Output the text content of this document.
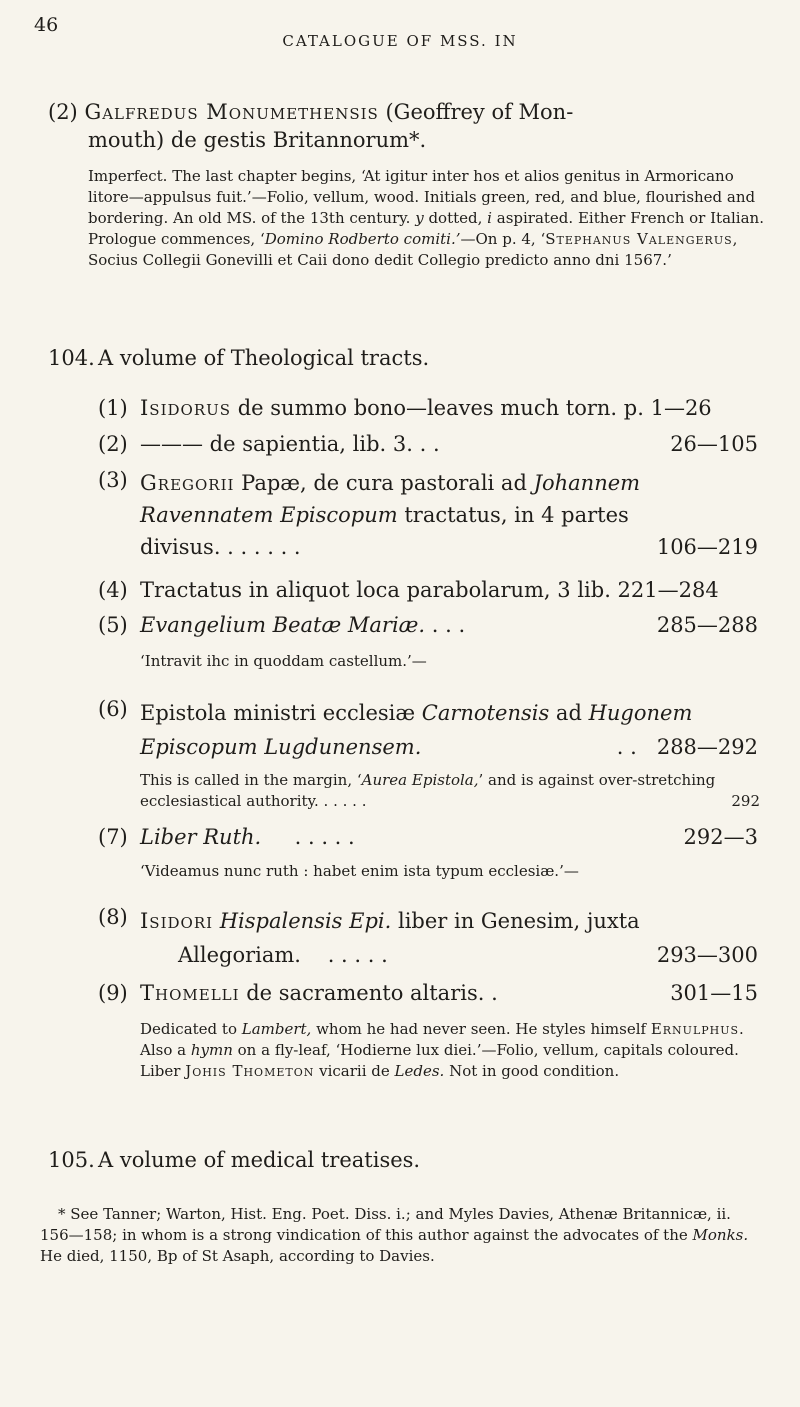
46
CATALOGUE OF MSS. IN
(2) Galfredus Monumethensis (Geoffrey of Mon-
mouth) de gestis Britannorum*.
Imperfect. The last chapter begins, ‘At igitur inter hos et alios genitus in Armoricano litore—appulsus fuit.’—Folio, vellum, wood. Initials green, red, and blue, flourished and bordering. An old MS. of the 13th century. y dotted, i aspirated. Either French or Italian. Prologue commences, ‘Domino Rodberto comiti.’—On p. 4, ‘Stephanus Valengerus, Socius Collegii Gonevilli et Caii dono dedit Collegio predicto anno dni 1567.’
104. A volume of Theological tracts.
(1) Isidorus de summo bono—leaves much torn. p. 1—26
(2) ——— de sapientia, lib. 3. . .	26—105
(3) Gregorii Papæ, de cura pastorali ad Johannem
Ravennatem Episcopum tractatus, in 4 partes
divisus. . . . . . .	106—219
(4) Tractatus in aliquot loca parabolarum, 3 lib. 221—284
(5) Evangelium Beatæ Mariæ. . . .	285—288
‘Intravit ihc in quoddam castellum.’—
(6) Epistola ministri ecclesiæ Carnotensis ad Hugonem
Episcopum Lugdunensem.	. . 288—292
This is called in the margin, ‘Aurea Epistola,’ and is against over-stretching ecclesiastical authority. . . . . .	292
(7) Liber Ruth. . . . . .	292—3
‘Videamus nunc ruth : habet enim ista typum ecclesiæ.’—
(8) Isidori Hispalensis Epi. liber in Genesim, juxta
Allegoriam. . . . . .	293—300
(9) Thomelli de sacramento altaris. .	301—15
Dedicated to Lambert, whom he had never seen. He styles himself Ernulphus. Also a hymn on a fly-leaf, ‘Hodierne lux diei.’—Folio, vellum, capitals coloured. Liber Johis Thometon vicarii de Ledes. Not in good condition.
105. A volume of medical treatises.
* See Tanner; Warton, Hist. Eng. Poet. Diss. i.; and Myles Davies, Athenæ Britannicæ, ii. 156—158; in whom is a strong vindication of this author against the advocates of the Monks. He died, 1150, Bp of St Asaph, according to Davies.
